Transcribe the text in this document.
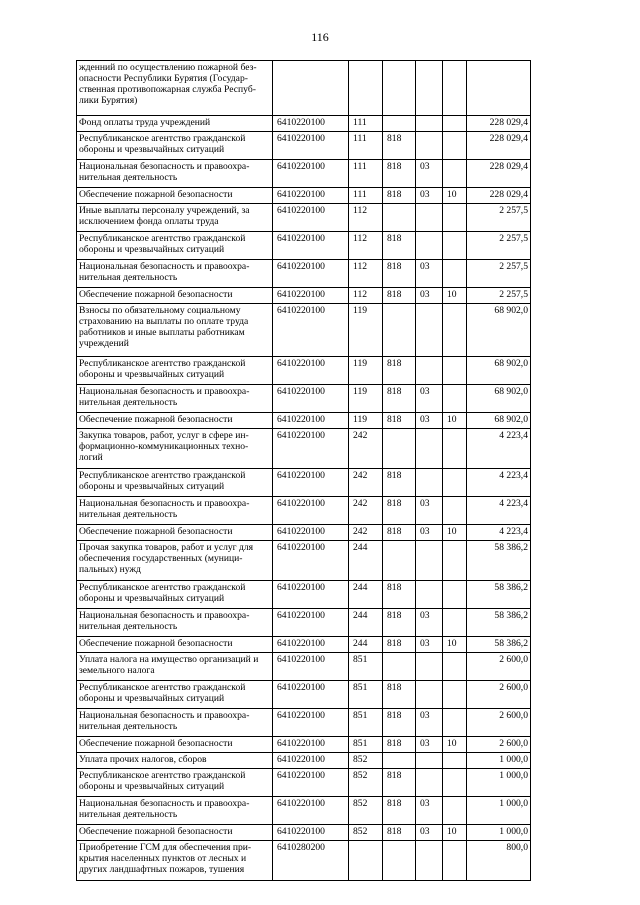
116
жденний по осуществлению пожарной без-опасности Республики Бурятия (Государ-ственная противопожарная служба Респуб-лики Бурятия)						
Фонд оплаты труда учреждений	6410220100	111				228 029,4
Республиканское агентство гражданской обороны и чрезвычайных ситуаций	6410220100	111	818			228 029,4
Национальная безопасность и правоохра-нительная деятельность	6410220100	111	818	03		228 029,4
Обеспечение пожарной безопасности	6410220100	111	818	03	10	228 029,4
Иные выплаты персоналу учреждений, за исключением фонда оплаты труда	6410220100	112				2 257,5
Республиканское агентство гражданской обороны и чрезвычайных ситуаций	6410220100	112	818			2 257,5
Национальная безопасность и правоохра-нительная деятельность	6410220100	112	818	03		2 257,5
Обеспечение пожарной безопасности	6410220100	112	818	03	10	2 257,5
Взносы по обязательному социальному страхованию на выплаты по оплате труда работников и иные выплаты работникам учреждений	6410220100	119				68 902,0
Республиканское агентство гражданской обороны и чрезвычайных ситуаций	6410220100	119	818			68 902,0
Национальная безопасность и правоохра-нительная деятельность	6410220100	119	818	03		68 902,0
Обеспечение пожарной безопасности	6410220100	119	818	03	10	68 902,0
Закупка товаров, работ, услуг в сфере ин-формационно-коммуникационных техно-логий	6410220100	242				4 223,4
Республиканское агентство гражданской обороны и чрезвычайных ситуаций	6410220100	242	818			4 223,4
Национальная безопасность и правоохра-нительная деятельность	6410220100	242	818	03		4 223,4
Обеспечение пожарной безопасности	6410220100	242	818	03	10	4 223,4
Прочая закупка товаров, работ и услуг для обеспечения государственных (муници-пальных) нужд	6410220100	244				58 386,2
Республиканское агентство гражданской обороны и чрезвычайных ситуаций	6410220100	244	818			58 386,2
Национальная безопасность и правоохра-нительная деятельность	6410220100	244	818	03		58 386,2
Обеспечение пожарной безопасности	6410220100	244	818	03	10	58 386,2
Уплата налога на имущество организаций и земельного налога	6410220100	851				2 600,0
Республиканское агентство гражданской обороны и чрезвычайных ситуаций	6410220100	851	818			2 600,0
Национальная безопасность и правоохра-нительная деятельность	6410220100	851	818	03		2 600,0
Обеспечение пожарной безопасности	6410220100	851	818	03	10	2 600,0
Уплата прочих налогов, сборов	6410220100	852				1 000,0
Республиканское агентство гражданской обороны и чрезвычайных ситуаций	6410220100	852	818			1 000,0
Национальная безопасность и правоохра-нительная деятельность	6410220100	852	818	03		1 000,0
Обеспечение пожарной безопасности	6410220100	852	818	03	10	1 000,0
Приобретение ГСМ для обеспечения при-крытия населенных пунктов от лесных и других ландшафтных пожаров, тушения	6410280200					800,0
